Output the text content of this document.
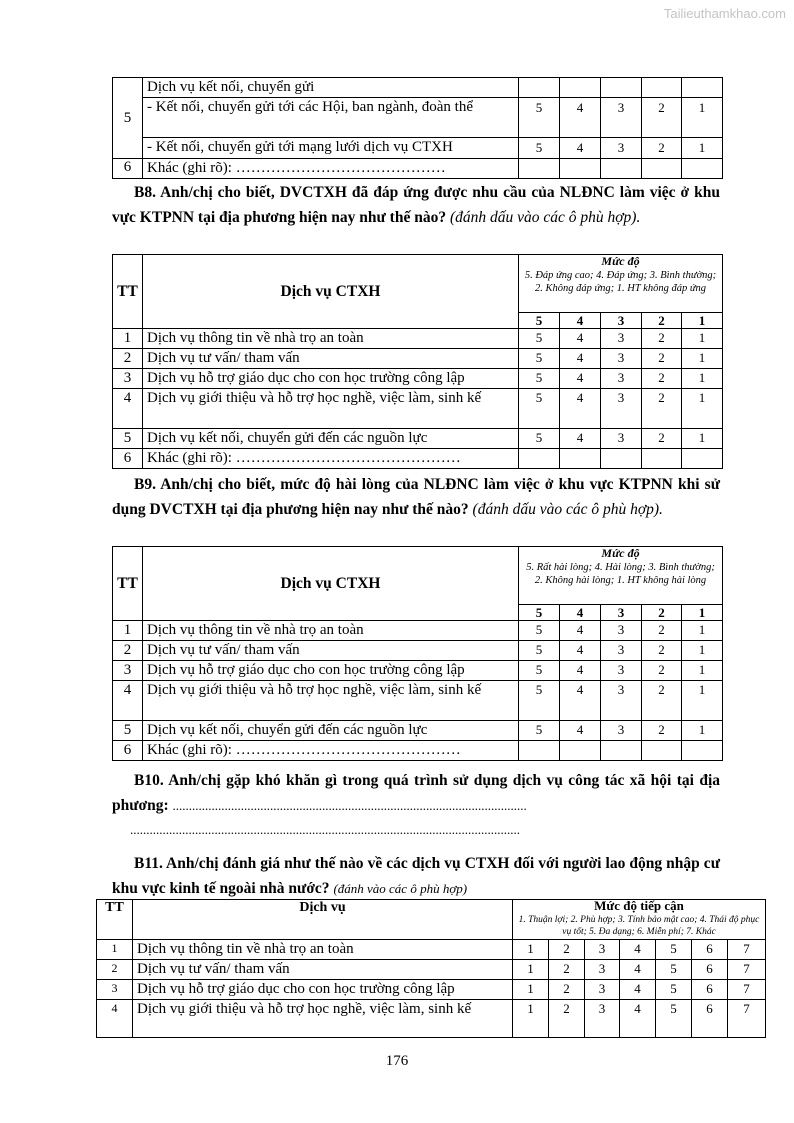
Tailieuthamkhao.com
5	Dịch vụ kết nối, chuyển gửi					
	- Kết nối, chuyển gửi tới các Hội, ban ngành, đoàn thể	5	4	3	2	1
	- Kết nối, chuyển gửi tới mạng lưới dịch vụ CTXH	5	4	3	2	1
6	Khác (ghi rõ): ……………………………………					
B8. Anh/chị cho biết, DVCTXH đã đáp ứng được nhu cầu của NLĐNC làm việc ở khu vực KTPNN tại địa phương hiện nay như thế nào? (đánh dấu vào các ô phù hợp).
TT	Dịch vụ CTXH	Mức độ
5. Đáp ứng cao; 4. Đáp ứng; 3. Bình thường; 2. Không đáp ứng; 1. HT không đáp ứng				
		5	4	3	2	1
1	Dịch vụ thông tin về nhà trọ an toàn	5	4	3	2	1
2	Dịch vụ tư vấn/ tham vấn	5	4	3	2	1
3	Dịch vụ hỗ trợ giáo dục cho con học trường công lập	5	4	3	2	1
4	Dịch vụ giới thiệu và hỗ trợ học nghề, việc làm, sinh kế	5	4	3	2	1
5	Dịch vụ kết nối, chuyển gửi đến các nguồn lực	5	4	3	2	1
6	Khác (ghi rõ): ………………………………………					
B9. Anh/chị cho biết, mức độ hài lòng của NLĐNC làm việc ở khu vực KTPNN khi sử dụng DVCTXH tại địa phương hiện nay như thế nào? (đánh dấu vào các ô phù hợp).
TT	Dịch vụ CTXH	Mức độ
5. Rất hài lòng; 4. Hài lòng; 3. Bình thường; 2. Không hài lòng; 1. HT không hài lòng				
		5	4	3	2	1
1	Dịch vụ thông tin về nhà trọ an toàn	5	4	3	2	1
2	Dịch vụ tư vấn/ tham vấn	5	4	3	2	1
3	Dịch vụ hỗ trợ giáo dục cho con học trường công lập	5	4	3	2	1
4	Dịch vụ giới thiệu và hỗ trợ học nghề, việc làm, sinh kế	5	4	3	2	1
5	Dịch vụ kết nối, chuyển gửi đến các nguồn lực	5	4	3	2	1
6	Khác (ghi rõ): ………………………………………					
B10. Anh/chị gặp khó khăn gì trong quá trình sử dụng dịch vụ công tác xã hội tại địa phương: .............................................................................................................
........................................................................................................................
B11. Anh/chị đánh giá như thế nào về các dịch vụ CTXH đối với người lao động nhập cư khu vực kinh tế ngoài nhà nước? (đánh vào các ô phù hợp)
TT	Dịch vụ	Mức độ tiếp cận
1. Thuận lợi; 2. Phù hợp; 3. Tính bảo mật cao; 4. Thái độ phục vụ tốt; 5. Đa dạng; 6. Miễn phí; 7. Khác						
1	Dịch vụ thông tin về nhà trọ an toàn	1	2	3	4	5	6	7
2	Dịch vụ tư vấn/ tham vấn	1	2	3	4	5	6	7
3	Dịch vụ hỗ trợ giáo dục cho con học trường công lập	1	2	3	4	5	6	7
4	Dịch vụ giới thiệu và hỗ trợ học nghề, việc làm, sinh kế	1	2	3	4	5	6	7
176
